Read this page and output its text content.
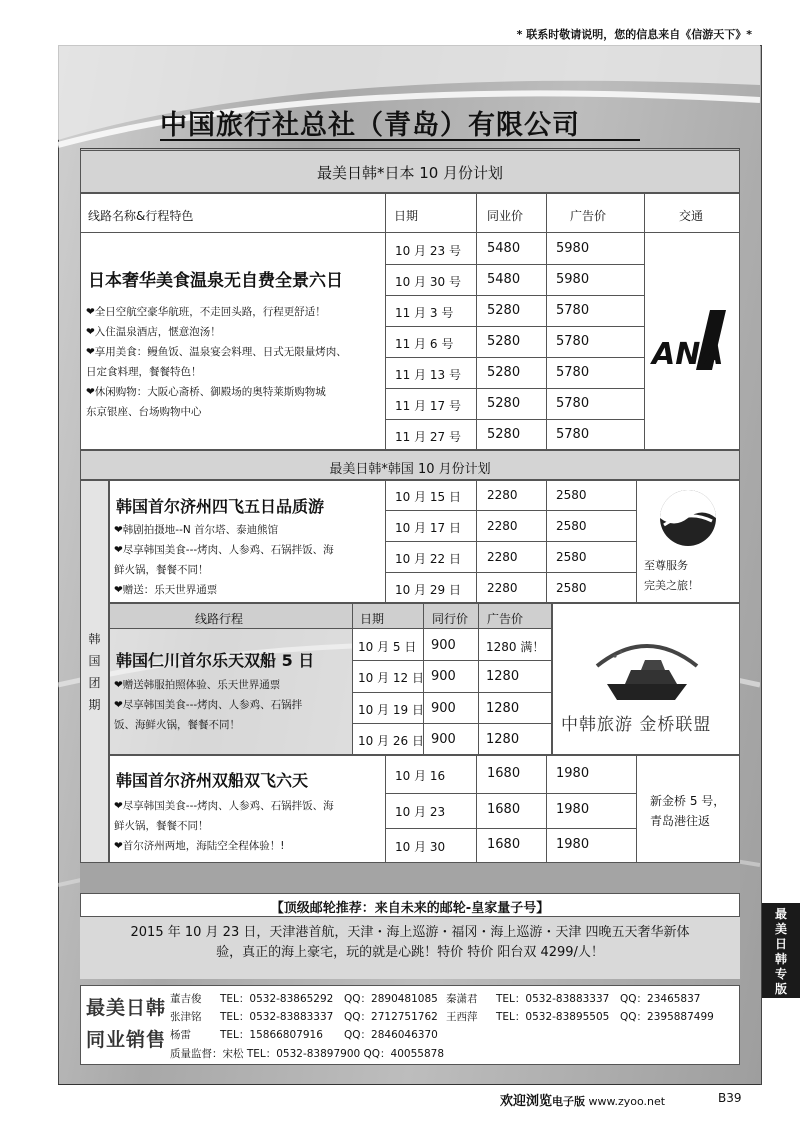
* 联系时敬请说明，您的信息来自《信游天下》*
中国旅行社总社（青岛）有限公司
最美日韩*日本 10 月份计划
线路名称&行程特色	日期	同业价	广告价	交通
日本奢华美食温泉无自费全景六日
❤全日空航空豪华航班，不走回头路，行程更舒适！
❤入住温泉酒店，惬意泡汤！
❤享用美食：鳗鱼饭、温泉宴会料理、日式无限量烤肉、
日定食料理，餐餐特色！
❤休闲购物：大阪心斋桥、御殿场的奥特莱斯购物城
东京银座、台场购物中心
10 月 23 号 5480	5980
10 月 30 号 5480	5980
11 月 3 号	5280	5780
11 月 6 号	5280	5780
11 月 13 号 5280	5780
11 月 17 号 5280	5780
11 月 27 号 5280	5780
ANA
最美日韩*韩国 10 月份计划
韩
国
团
期
韩国首尔济州四飞五日品质游
❤韩剧拍摄地--N 首尔塔、泰迪熊馆
❤尽享韩国美食---烤肉、人参鸡、石锅拌饭、海
鲜火锅，餐餐不同！
❤赠送：乐天世界通票
10 月 15 日 2280	2580
10 月 17 日 2280	2580
10 月 22 日 2280	2580
10 月 29 日 2280	2580
至尊服务
完美之旅！
线路行程	日期	同行价 广告价
韩国仁川首尔乐天双船 5 日
❤赠送韩服拍照体验、乐天世界通票
❤尽享韩国美食---烤肉、人参鸡、石锅拌
饭、海鲜火锅，餐餐不同！
10 月 5 日 900	1280 满！
10 月 12 日 900 1280
10 月 19 日 900 1280
10 月 26 日 900 1280
中韩旅游 金桥联盟
韩国首尔济州双船双飞六天
❤尽享韩国美食---烤肉、人参鸡、石锅拌饭、海
鲜火锅，餐餐不同！
❤首尔济州两地，海陆空全程体验！!
10 月 16	1680	1980
10 月 23	1680	1980
10 月 30	1680	1980
新金桥 5 号，
青岛港往返
【顶级邮轮推荐：来自未来的邮轮-皇家量子号】
2015 年 10 月 23 日，天津港首航，天津・海上巡游・福冈・海上巡游・天津 四晚五天奢华新体
验，真正的海上豪宅，玩的就是心跳！特价 特价 阳台双 4299/人！
最美日韩
同业销售
董吉俊 TEL：0532-83865292 QQ：2890481085 秦潇君 TEL：0532-83883337 QQ：23465837
张津铭 TEL：0532-83883337 QQ：2712751762 王西萍 TEL：0532-83895505 QQ：2395887499
杨雷	TEL：15866807916 QQ：2846046370
质量监督：宋松 TEL：0532-83897900 QQ：40055878
最
美
日
韩
专
版
欢迎浏览电子版 www.zyoo.net	B39
